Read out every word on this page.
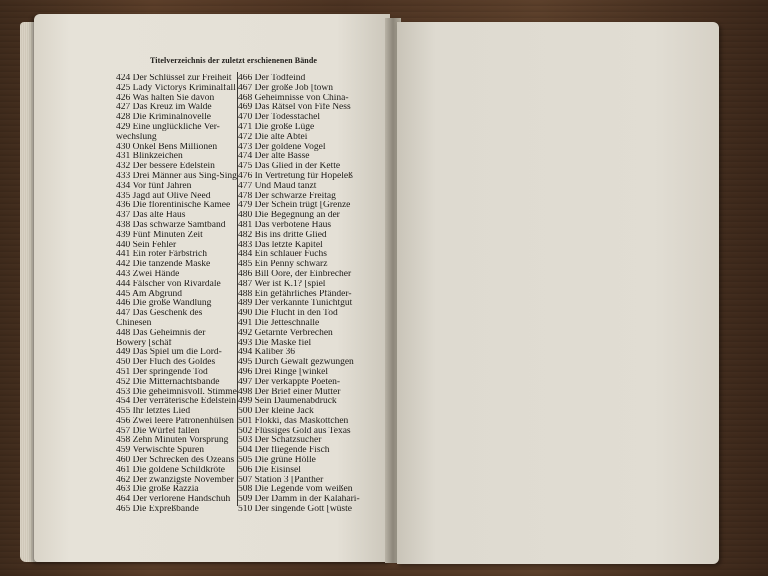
Titelverzeichnis der zuletzt erschienenen Bände
424 Der Schlüssel zur Freiheit
425 Lady Victorys Kriminalfall
426 Was halten Sie davon
427 Das Kreuz im Walde
428 Die Kriminalnovelle
429 Eine unglückliche Ver-
wechslung
430 Onkel Bens Millionen
431 Blinkzeichen
432 Der bessere Edelstein
433 Drei Männer aus Sing-Sing
434 Vor fünf Jahren
435 Jagd auf Olive Need
436 Die florentinische Kamee
437 Das alte Haus
438 Das schwarze Samtband
439 Fünf Minuten Zeit
440 Sein Fehler
441 Ein roter Färbstrich
442 Die tanzende Maske
443 Zwei Hände
444 Fälscher von Rivardale
445 Am Abgrund
446 Die große Wandlung
447 Das Geschenk des
Chinesen
448 Das Geheimnis der
Bowery [schäf
449 Das Spiel um die Lord-
450 Der Fluch des Goldes
451 Der springende Tod
452 Die Mitternachtsbande
453 Die geheimnisvoll. Stimme
454 Der verräterische Edelstein
455 Ihr letztes Lied
456 Zwei leere Patronenhülsen
457 Die Würfel fallen
458 Zehn Minuten Vorsprung
459 Verwischte Spuren
460 Der Schrecken des Ozeans
461 Die goldene Schildkröte
462 Der zwanzigste November
463 Die große Razzia
464 Der verlorene Handschuh
465 Die Expreßbande
466 Der Todfeind
467 Der große Job [town
468 Geheimnisse von China-
469 Das Rätsel von Fife Ness
470 Der Todesstachel
471 Die große Lüge
472 Die alte Abtei
473 Der goldene Vogel
474 Der alte Basse
475 Das Glied in der Kette
476 In Vertretung für Hopeleß
477 Und Maud tanzt
478 Der schwarze Freitag
479 Der Schein trügt [Grenze
480 Die Begegnung an der
481 Das verbotene Haus
482 Bis ins dritte Glied
483 Das letzte Kapitel
484 Ein schlauer Fuchs
485 Ein Penny schwarz
486 Bill Oore, der Einbrecher
487 Wer ist K.1? [spiel
488 Ein gefährliches Pfänder-
489 Der verkannte Tunichtgut
490 Die Flucht in den Tod
491 Die Jetteschnalle
492 Getarnte Verbrechen
493 Die Maske fiel
494 Kaliber 36
495 Durch Gewalt gezwungen
496 Drei Ringe [winkel
497 Der verkappte Poeten-
498 Der Brief einer Mutter
499 Sein Daumenabdruck
500 Der kleine Jack
501 Flokki, das Maskottchen
502 Flüssiges Gold aus Texas
503 Der Schatzsucher
504 Der fliegende Fisch
505 Die grüne Hölle
506 Die Eisinsel
507 Station 3 [Panther
508 Die Legende vom weißen
509 Der Damm in der Kalahari-
510 Der singende Gott [wüste
